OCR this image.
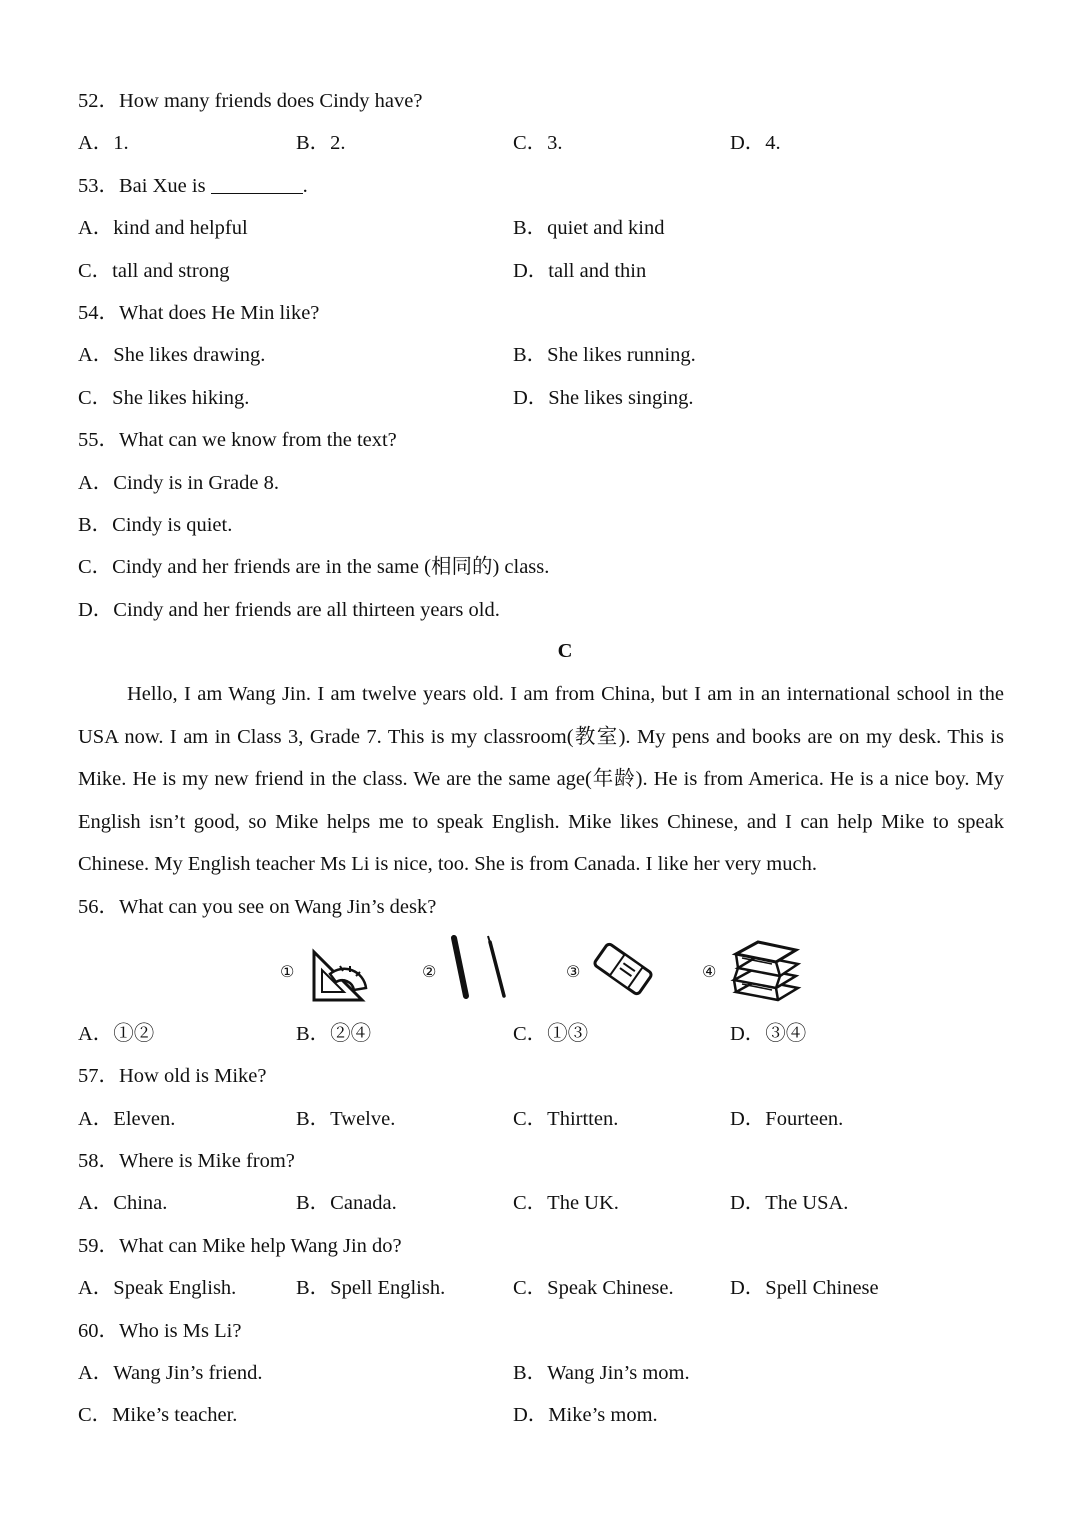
52．How many friends does Cindy have?
A．1.	B．2.	C．3.	D．4.
53．Bai Xue is	.
A．kind and helpful	B．quiet and kind
C．tall and strong	D．tall and thin
54．What does He Min like?
A．She likes drawing.	B．She likes running.
C．She likes hiking.	D．She likes singing.
55．What can we know from the text?
A．Cindy is in Grade 8.
B．Cindy is quiet.
C．Cindy and her friends are in the same (相同的) class.
D．Cindy and her friends are all thirteen years old.
C
Hello, I am Wang Jin. I am twelve years old. I am from China, but I am in an international school in the USA now. I am in Class 3, Grade 7. This is my classroom(教室). My pens and books are on my desk. This is Mike. He is my new friend in the class. We are the same age(年龄). He is from America. He is a nice boy. My English isn’t good, so Mike helps me to speak English. Mike likes Chinese, and I can help Mike to speak Chinese. My English teacher Ms Li is nice, too. She is from Canada. I like her very much.
56．What can you see on Wang Jin’s desk?
①	②	③	④
A．①②	B．②④	C．①③	D．③④
57．How old is Mike?
A．Eleven.	B．Twelve.	C．Thirtten.	D．Fourteen.
58．Where is Mike from?
A．China.	B．Canada.	C．The UK.	D．The USA.
59．What can Mike help Wang Jin do?
A．Speak English.	B．Spell English.	C．Speak Chinese.	D．Spell Chinese
60．Who is Ms Li?
A．Wang Jin’s friend.	B．Wang Jin’s mom.
C．Mike’s teacher.	D．Mike’s mom.
